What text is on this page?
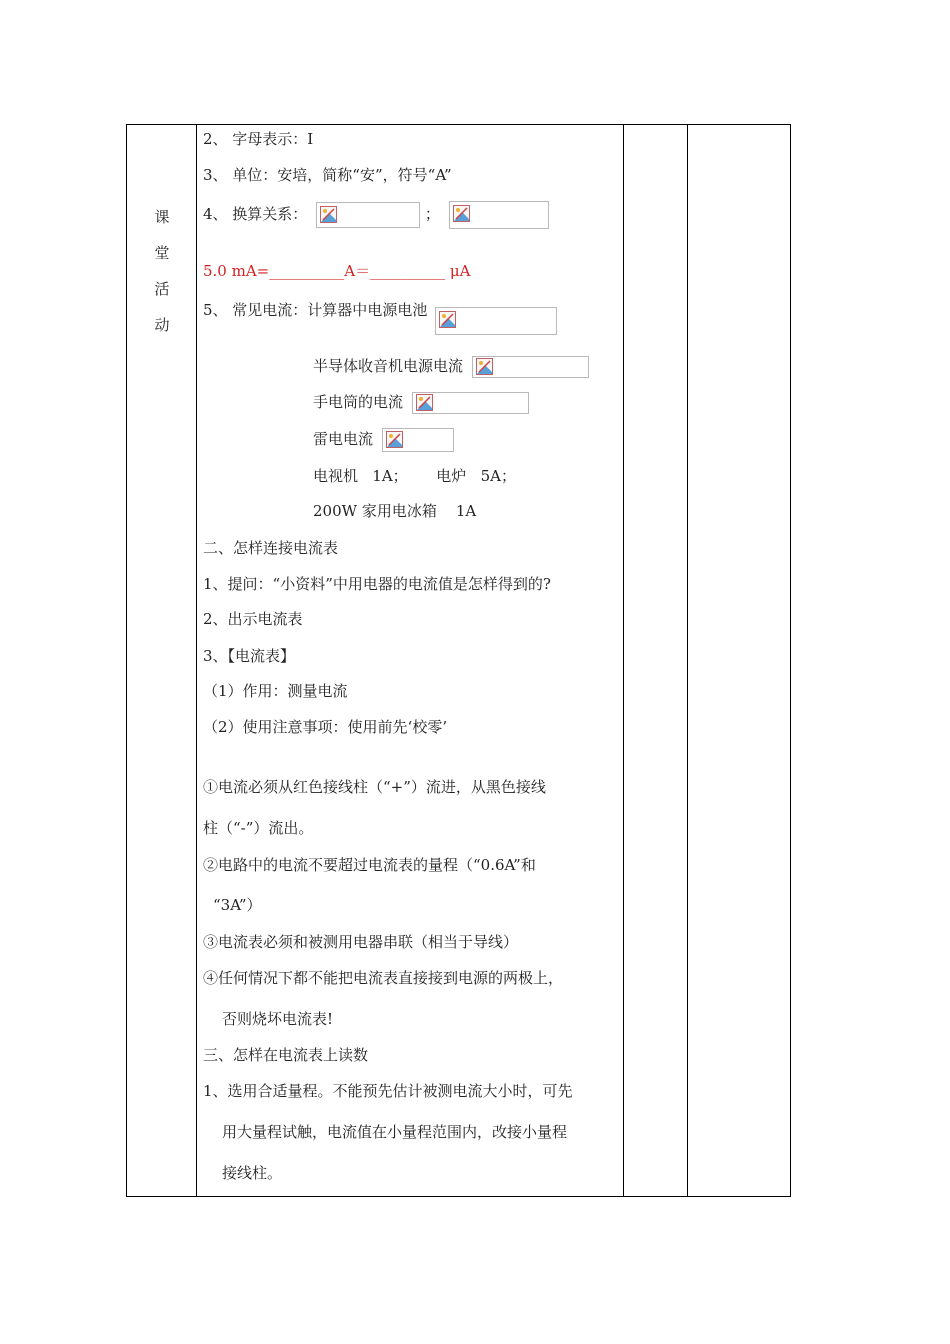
课
堂
活
动
2、 字母表示：I
3、 单位：安培，简称“安”，符号“A”
4、 换算关系：	；
5.0 mA=__________A＝__________ μA
5、 常见电流：计算器中电源电池
半导体收音机电源电流
手电筒的电流
雷电电流
电视机   1A；      电炉   5A；
200W 家用电冰箱    1A
二、怎样连接电流表
1、提问：“小资料”中用电器的电流值是怎样得到的?
2、出示电流表
3、【电流表】
（1）作用：测量电流
（2）使用注意事项：使用前先‘校零’
①电流必须从红色接线柱（“+”）流进，从黑色接线
柱（“-”）流出。
②电路中的电流不要超过电流表的量程（“0.6A”和
“3A”）
③电流表必须和被测用电器串联（相当于导线）
④任何情况下都不能把电流表直接接到电源的两极上，
否则烧坏电流表!
三、怎样在电流表上读数
1、选用合适量程。不能预先估计被测电流大小时，可先
用大量程试触，电流值在小量程范围内，改接小量程
接线柱。
